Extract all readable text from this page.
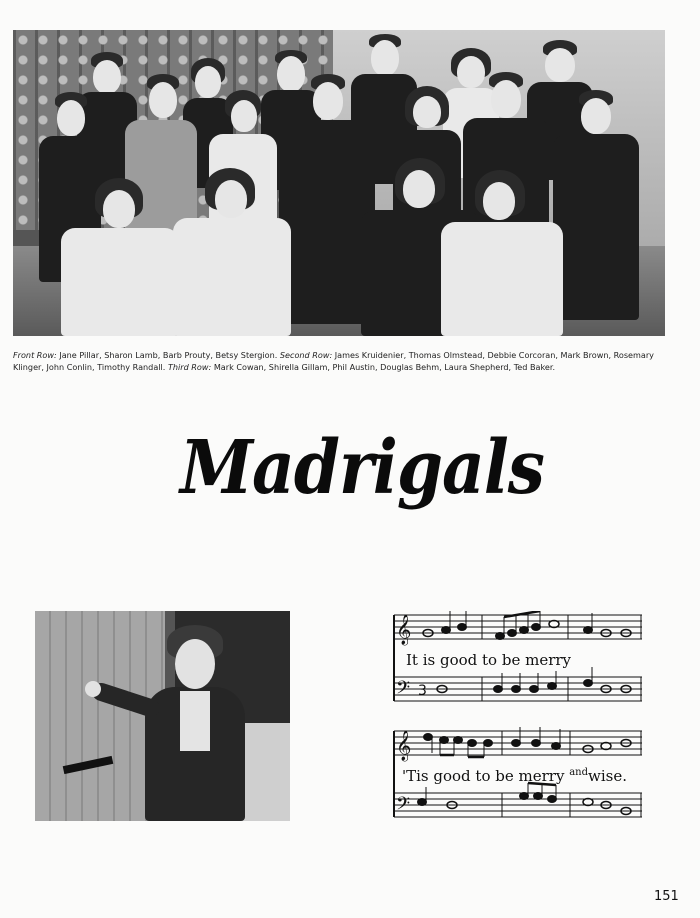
Front Row: Jane Pillar, Sharon Lamb, Barb Prouty, Betsy Stergion. Second Row: James Kruidenier, Thomas Olmstead, Debbie Corcoran, Mark Brown, Rosemary Klinger, John Conlin, Timothy Randall. Third Row: Mark Cowan, Shirella Gillam, Phil Austin, Douglas Behm, Laura Shepherd, Ted Baker.
Madrigals
𝄞
𝄢 3
It is good to be merry
𝄞
𝄢
'Tis good to be merry $^{and}$wise.
151
